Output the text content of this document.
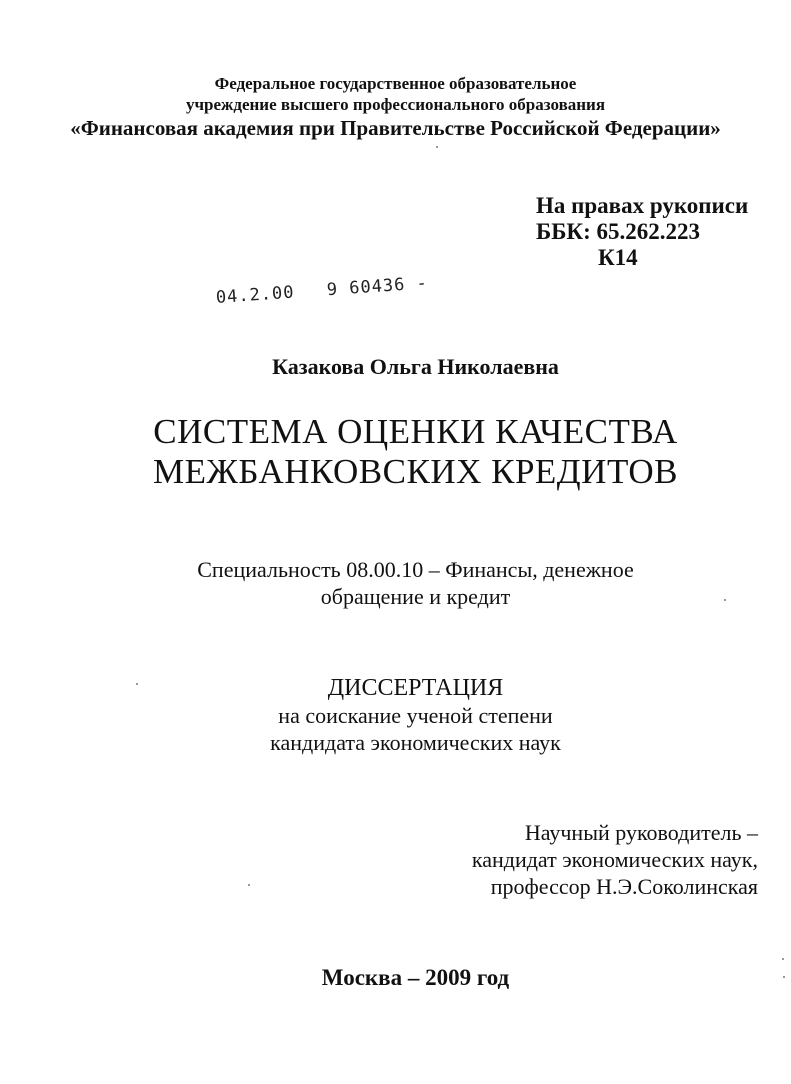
Федеральное государственное образовательное
учреждение высшего профессионального образования
«Финансовая академия при Правительстве Российской Федерации»
На правах рукописи
ББК: 65.262.223
К14
04.2.00 9 60436 -
Казакова Ольга Николаевна
СИСТЕМА ОЦЕНКИ КАЧЕСТВА
МЕЖБАНКОВСКИХ КРЕДИТОВ
Специальность 08.00.10 – Финансы, денежное
обращение и кредит
ДИССЕРТАЦИЯ
на соискание ученой степени
кандидата экономических наук
Научный руководитель –
кандидат экономических наук,
профессор Н.Э.Соколинская
Москва – 2009 год
